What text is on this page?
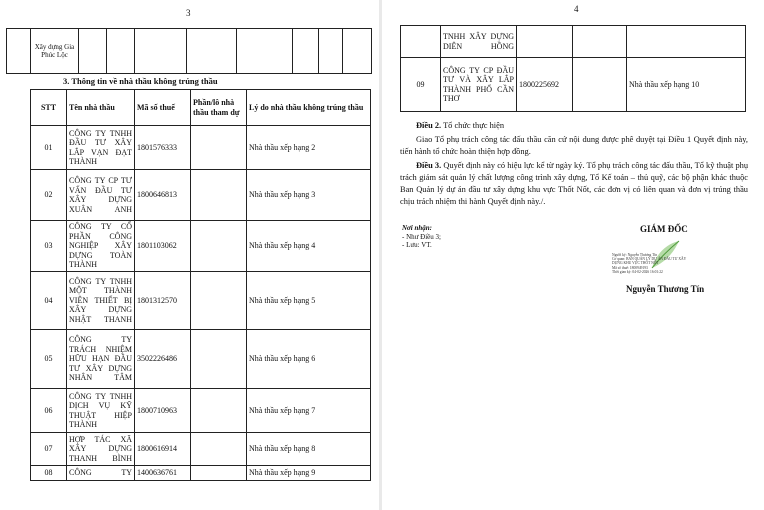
3
	Xây dựng Gia Phúc Lộc								
3. Thông tin về nhà thầu không trúng thầu
STT	Tên nhà thầu	Mã số thuế	Phần/lô nhà thầu tham dự	Lý do nhà thầu không trúng thầu
01	CÔNG TY TNHH ĐẦU TƯ XÂY LẮP VẠN ĐẠT THÀNH	1801576333		Nhà thầu xếp hạng 2
02	CÔNG TY CP TƯ VẤN ĐẦU TƯ XÂY DỰNG XUÂN ANH	1800646813		Nhà thầu xếp hạng 3
03	CÔNG TY CỔ PHẦN CÔNG NGHIỆP XÂY DỰNG TOÀN THÀNH	1801103062		Nhà thầu xếp hạng 4
04	CÔNG TY TNHH MỘT THÀNH VIÊN THIẾT BỊ XÂY DỰNG NHẬT THANH	1801312570		Nhà thầu xếp hạng 5
05	CÔNG TY TRÁCH NHIỆM HỮU HẠN ĐẦU TƯ XÂY DỰNG NHÂN TÂM	3502226486		Nhà thầu xếp hạng 6
06	CÔNG TY TNHH DỊCH VỤ KỸ THUẬT HIỆP THÀNH	1800710963		Nhà thầu xếp hạng 7
07	HỢP TÁC XÃ XÂY DỰNG THANH BÌNH	1800616914		Nhà thầu xếp hạng 8
08	CÔNG TY	1400636761		Nhà thầu xếp hạng 9
4
	TNHH XÂY DỰNG DIÊN HỒNG			
09	CÔNG TY CP ĐẦU TƯ VÀ XÂY LẮP THÀNH PHỐ CẦN THƠ	1800225692		Nhà thầu xếp hạng 10
Điều 2. Tổ chức thực hiện
Giao Tổ phụ trách công tác đấu thầu căn cứ nội dung được phê duyệt tại Điều 1 Quyết định này, tiến hành tổ chức hoàn thiện hợp đồng.
Điều 3. Quyết định này có hiệu lực kể từ ngày ký. Tổ phụ trách công tác đấu thầu, Tổ kỹ thuật phụ trách giám sát quản lý chất lượng công trình xây dựng, Tổ Kế toán – thủ quỹ, các bộ phận khác thuộc Ban Quản lý dự án đầu tư xây dựng khu vực Thốt Nốt, các đơn vị có liên quan và đơn vị trúng thầu chịu trách nhiệm thi hành Quyết định này./.
Nơi nhận:
- Như Điều 3;
- Lưu: VT.
GIÁM ĐỐC
Người ký: Nguyễn Thương Tín
Cơ quan: BAN QUẢN LÝ DỰ ÁN ĐẦU TƯ XÂY
DỰNG KHU VỰC THỐT NỐT
Mã số thuế: 1800949193
Thời gian ký: 04-02-2026 16:01:22
Nguyễn Thương Tín
